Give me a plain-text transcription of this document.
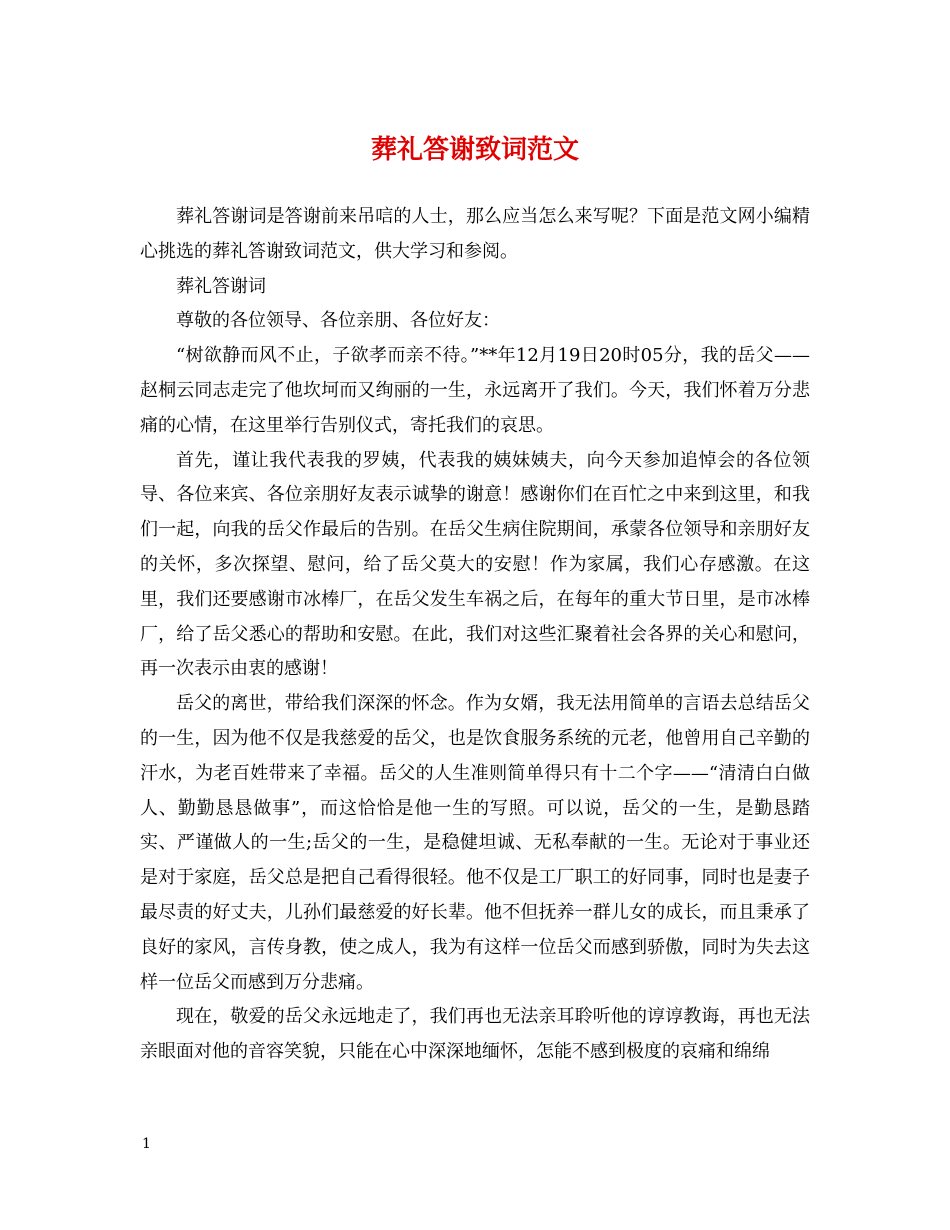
葬礼答谢致词范文

葬礼答谢词是答谢前来吊唁的人士，那么应当怎么来写呢？下面是范文网小编精心挑选的葬礼答谢致词范文，供大学习和参阅。

葬礼答谢词

尊敬的各位领导、各位亲朋、各位好友：

“树欲静而风不止，子欲孝而亲不待。”**年12月19日20时05分，我的岳父——赵桐云同志走完了他坎坷而又绚丽的一生，永远离开了我们。今天，我们怀着万分悲痛的心情，在这里举行告别仪式，寄托我们的哀思。

首先，谨让我代表我的罗姨，代表我的姨妹姨夫，向今天参加追悼会的各位领导、各位来宾、各位亲朋好友表示诚挚的谢意！感谢你们在百忙之中来到这里，和我们一起，向我的岳父作最后的告别。在岳父生病住院期间，承蒙各位领导和亲朋好友的关怀，多次探望、慰问，给了岳父莫大的安慰！作为家属，我们心存感激。在这里，我们还要感谢市冰棒厂，在岳父发生车祸之后，在每年的重大节日里，是市冰棒厂，给了岳父悉心的帮助和安慰。在此，我们对这些汇聚着社会各界的关心和慰问，再一次表示由衷的感谢！

岳父的离世，带给我们深深的怀念。作为女婿，我无法用简单的言语去总结岳父的一生，因为他不仅是我慈爱的岳父，也是饮食服务系统的元老，他曾用自己辛勤的汗水，为老百姓带来了幸福。岳父的人生准则简单得只有十二个字——“清清白白做人、勤勤恳恳做事”，而这恰恰是他一生的写照。可以说，岳父的一生，是勤恳踏实、严谨做人的一生;岳父的一生，是稳健坦诚、无私奉献的一生。无论对于事业还是对于家庭，岳父总是把自己看得很轻。他不仅是工厂职工的好同事，同时也是妻子最尽责的好丈夫，儿孙们最慈爱的好长辈。他不但抚养一群儿女的成长，而且秉承了良好的家风，言传身教，使之成人，我为有这样一位岳父而感到骄傲，同时为失去这样一位岳父而感到万分悲痛。

现在，敬爱的岳父永远地走了，我们再也无法亲耳聆听他的谆谆教诲，再也无法亲眼面对他的音容笑貌，只能在心中深深地缅怀，怎能不感到极度的哀痛和绵绵

1
